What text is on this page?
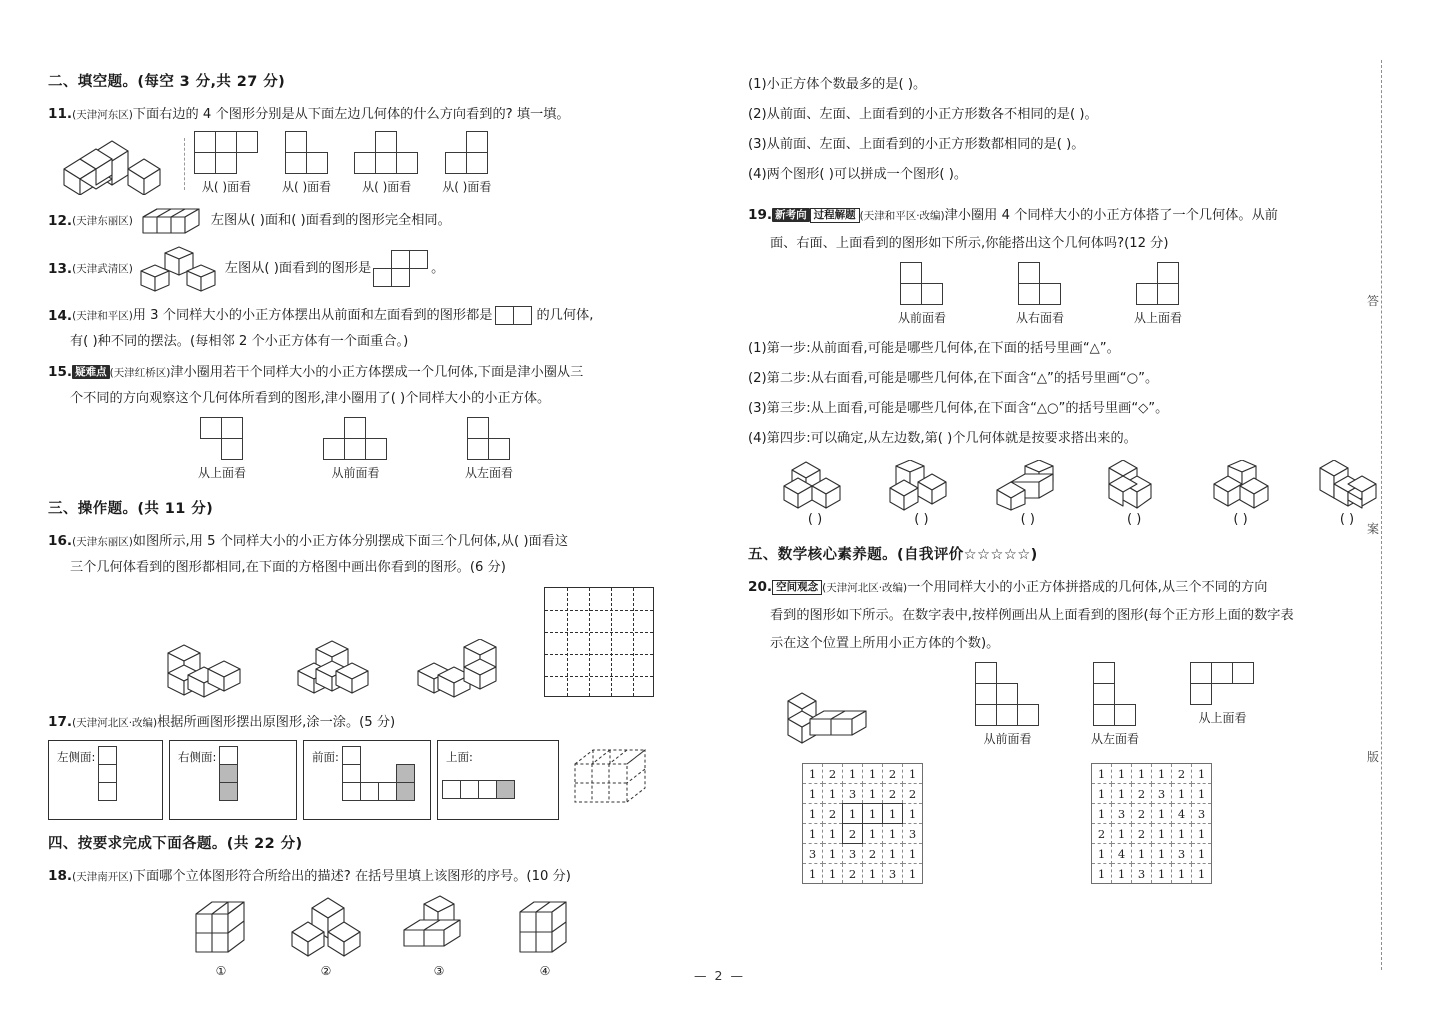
二、填空题。(每空 3 分,共 27 分)
11.(天津河东区)下面右边的 4 个图形分别是从下面左边几何体的什么方向看到的? 填一填。
从( )面看	从( )面看	从( )面看	从( )面看
12. (天津东丽区)	左图从( )面和( )面看到的图形完全相同。
13. (天津武清区)	左图从( )面看到的图形是	。
14. (天津和平区) 用 3 个同样大小的小正方体摆出从前面和左面看到的图形都是	的几何体,
有( )种不同的摆法。(每相邻 2 个小正方体有一个面重合。)
15. 疑难点 (天津红桥区)津小圈用若干个同样大小的小正方体摆成一个几何体,下面是津小圈从三
个不同的方向观察这个几何体所看到的图形,津小圈用了( )个同样大小的小正方体。
从上面看	从前面看	从左面看
三、操作题。(共 11 分)
16.(天津东丽区)如图所示,用 5 个同样大小的小正方体分别摆成下面三个几何体,从( )面看这
三个几何体看到的图形都相同,在下面的方格图中画出你看到的图形。(6 分)
17.(天津河北区·改编)根据所画图形摆出原图形,涂一涂。(5 分)
左侧面:	右侧面:	前面:	上面:
四、按要求完成下面各题。(共 22 分)
18.(天津南开区)下面哪个立体图形符合所给出的描述? 在括号里填上该图形的序号。(10 分)
①	②	③	④
(1)小正方体个数最多的是( )。
(2)从前面、左面、上面看到的小正方形数各不相同的是( )。
(3)从前面、左面、上面看到的小正方形数都相同的是( )。
(4)两个图形( )可以拼成一个图形( )。
19. 新考向 过程解题 (天津和平区·改编)津小圈用 4 个同样大小的小正方体搭了一个几何体。从前
面、右面、上面看到的图形如下所示,你能搭出这个几何体吗?(12 分)
从前面看	从右面看	从上面看
(1)第一步:从前面看,可能是哪些几何体,在下面的括号里画“△”。
(2)第二步:从右面看,可能是哪些几何体,在下面含“△”的括号里画“○”。
(3)第三步:从上面看,可能是哪些几何体,在下面含“△○”的括号里画“◇”。
(4)第四步:可以确定,从左边数,第( )个几何体就是按要求搭出来的。
( )	( )	( )	( )	( )	( )
五、数学核心素养题。(自我评价☆☆☆☆☆)
20. 空间观念 (天津河北区·改编)一个用同样大小的小正方体拼搭成的几何体,从三个不同的方向
看到的图形如下所示。在数字表中,按样例画出从上面看到的图形(每个正方形上面的数字表
示在这个位置上所用小正方体的个数)。
从前面看	从左面看
从上面看
1	2	1	1	2	1
1	1	3	1	2	2
1	2	1	1	1	1
1	1	2	1	1	3
3	1	3	2	1	1
1	1	2	1	3	1
1	1	1	1	2	1
1	1	2	3	1	1
1	3	2	1	4	3
2	1	2	1	1	1
1	4	1	1	3	1
1	1	3	1	1	1
答
案
版
— 2 —
